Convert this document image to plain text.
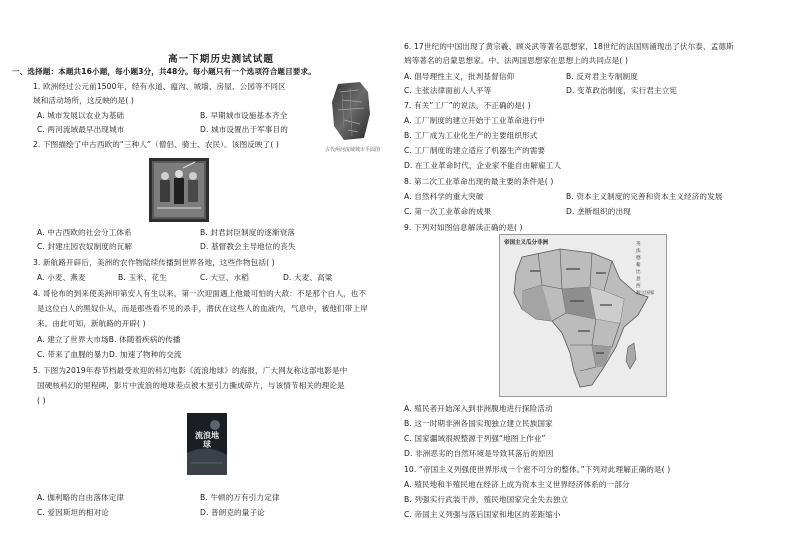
高一下期历史测试试题
一、选择题：本题共16小题，每小题3分，共48分。每小题只有一个选项符合题目要求。
1. 欧洲经过公元前1500年，经有水道、瘟沟、城墙、房屋、公园等不同区
域和活动场所，这反映的是( )
A. 城市发展以农业为基础	B. 早期城市设施基本齐全
C. 两河流域最早出现城市	D. 城市设置出于军事目的
古代两河流域城市平面图
2. 下图描绘了中古西欧的“三种人”（僧侣、骑士、农民）。该图反映了( )
A. 中古西欧的社会分工体系	B. 封君封臣制度的逐渐衰落
C. 封建庄园农奴制度的瓦解	D. 基督教会主导地位的丧失
3. 新航路开辟后，美洲的农作物陆续传播到世界各地，这些作物包括( )
A. 小麦、燕麦	B. 玉米、花生	C. 大豆、水稻	D. 大麦、高粱
4. 哥伦布的到来使美洲印第安人有生以来，第一次迎面遇上他最可怕的大敌：不是那个白人，也不
是这位白人的黑奴仆从，而是那些看不见的杀手，潜伏在这些人的血液内，气息中，被他们带上岸
来。由此可知，新航路的开辟( )
A. 建立了世界大市场B. 体随着疾病的传播
C. 带来了血腥的暴力D. 加速了物种的交流
5. 下图为2019年春节档最受欢迎的科幻电影《流浪地球》的海报，广大网友称这部电影是中
国硬核科幻的里程碑，影片中流浪的地球差点被木星引力撕成碎片，与该情节相关的理论是
( )
流浪地球
A. 伽利略的自由落体定律	B. 牛顿的万有引力定律
C. 爱因斯坦的相对论	D. 普朗克的量子论
6. 17世纪的中国出现了黄宗羲、顾炎武等著名思想家，18世纪的法国则涌现出了伏尔泰、孟德斯
鸠等著名的启蒙思想家。中、法两国思想家在思想上的共同点是( )
A. 倡导理性主义，批判基督信仰	B. 反对君主专制制度
C. 主张法律面前人人平等	D. 变革政治制度，实行君主立宪
7. 有关“工厂”的说法，不正确的是( )
A. 工厂制度的建立开始于工业革命进行中
B. 工厂成为工业化生产的主要组织形式
C. 工厂制度的建立适应了机器生产的需要
D. 在工业革命时代，企业家不能自由解雇工人
8. 第二次工业革命出现的最主要的条件是( )
A. 自然科学的重大突破	B. 资本主义制度的完善和资本主义经济的发展
C. 第一次工业革命的成果	D. 垄断组织的出现
9. 下列对如图信息解读正确的是( )
帝国主义瓜分非洲	英
法
德
葡
比
意
西
独立国家
A. 殖民者开始深入到非洲腹地进行探险活动
B. 这一时期非洲各国实现独立建立民族国家
C. 国家疆域很规整源于列强“地图上作业”
D. 非洲恶劣的自然环境是导致其落后的原因
10. “帝国主义列强使世界形成一个密不可分的整体。”下列对此理解正确的是( )
A. 殖民地和半殖民地在经济上成为资本主义世界经济体系的一部分
B. 列强实行武装干涉，殖民地国家完全失去独立
C. 帝国主义列强与落后国家和地区的差距缩小
